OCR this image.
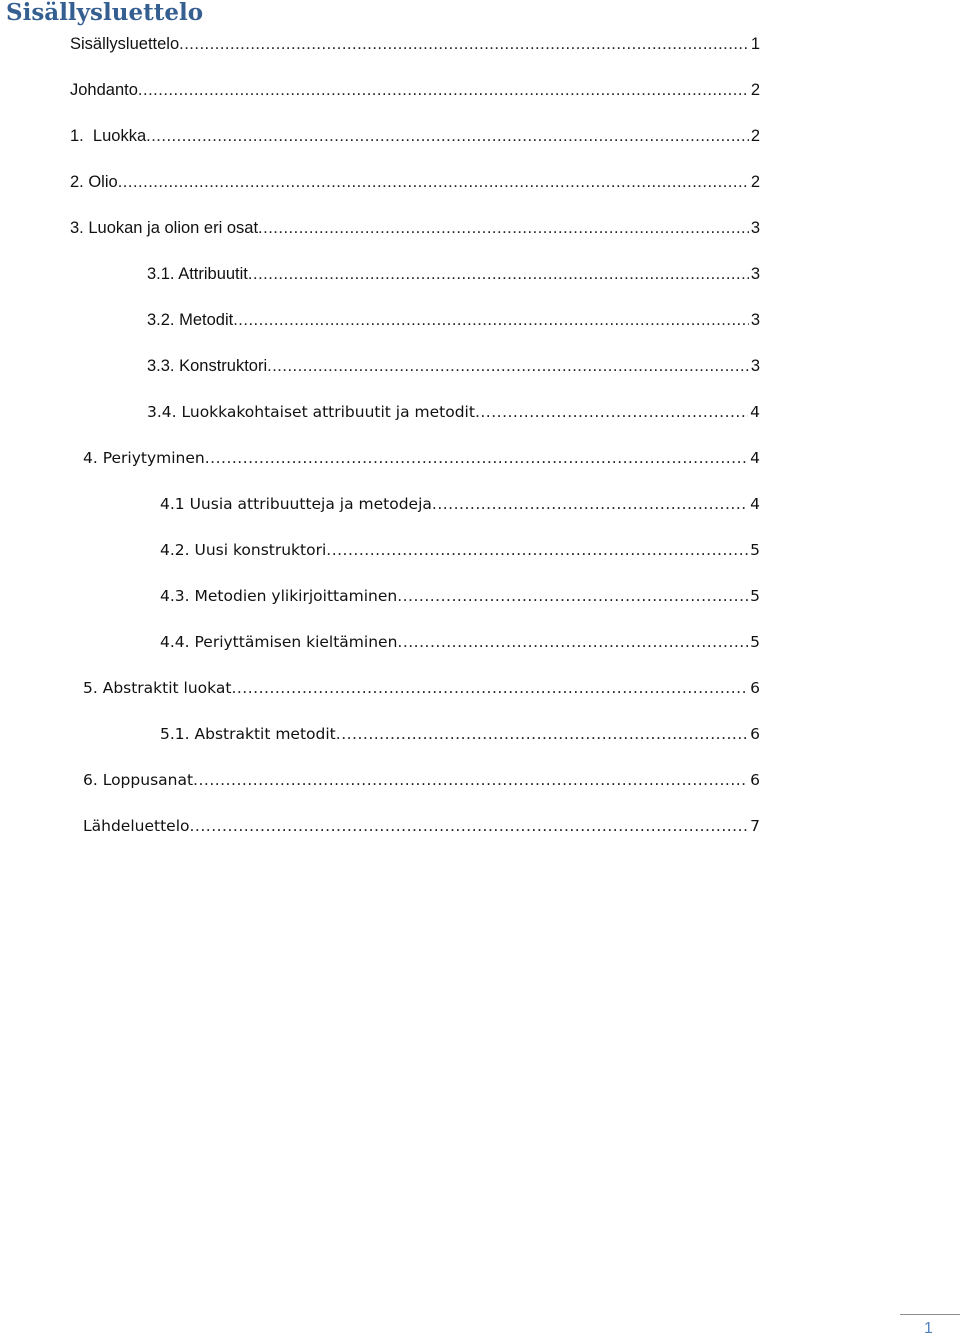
Sisällysluettelo
Sisällysluettelo .....	1
Johdanto .....	2
1.  Luokka .....	2
2. Olio .....	2
3. Luokan ja olion eri osat .....	3
3.1. Attribuutit .....	3
3.2. Metodit .....	3
3.3. Konstruktori .....	3
3.4. Luokkakohtaiset attribuutit ja metodit .....	4
4. Periytyminen .....	4
4.1 Uusia attribuutteja ja metodeja .....	4
4.2. Uusi konstruktori .....	5
4.3. Metodien ylikirjoittaminen .....	5
4.4. Periyttämisen kieltäminen .....	5
5. Abstraktit luokat .....	6
5.1. Abstraktit metodit .....	6
6. Loppusanat .....	6
Lähdeluettelo .....	7
1
